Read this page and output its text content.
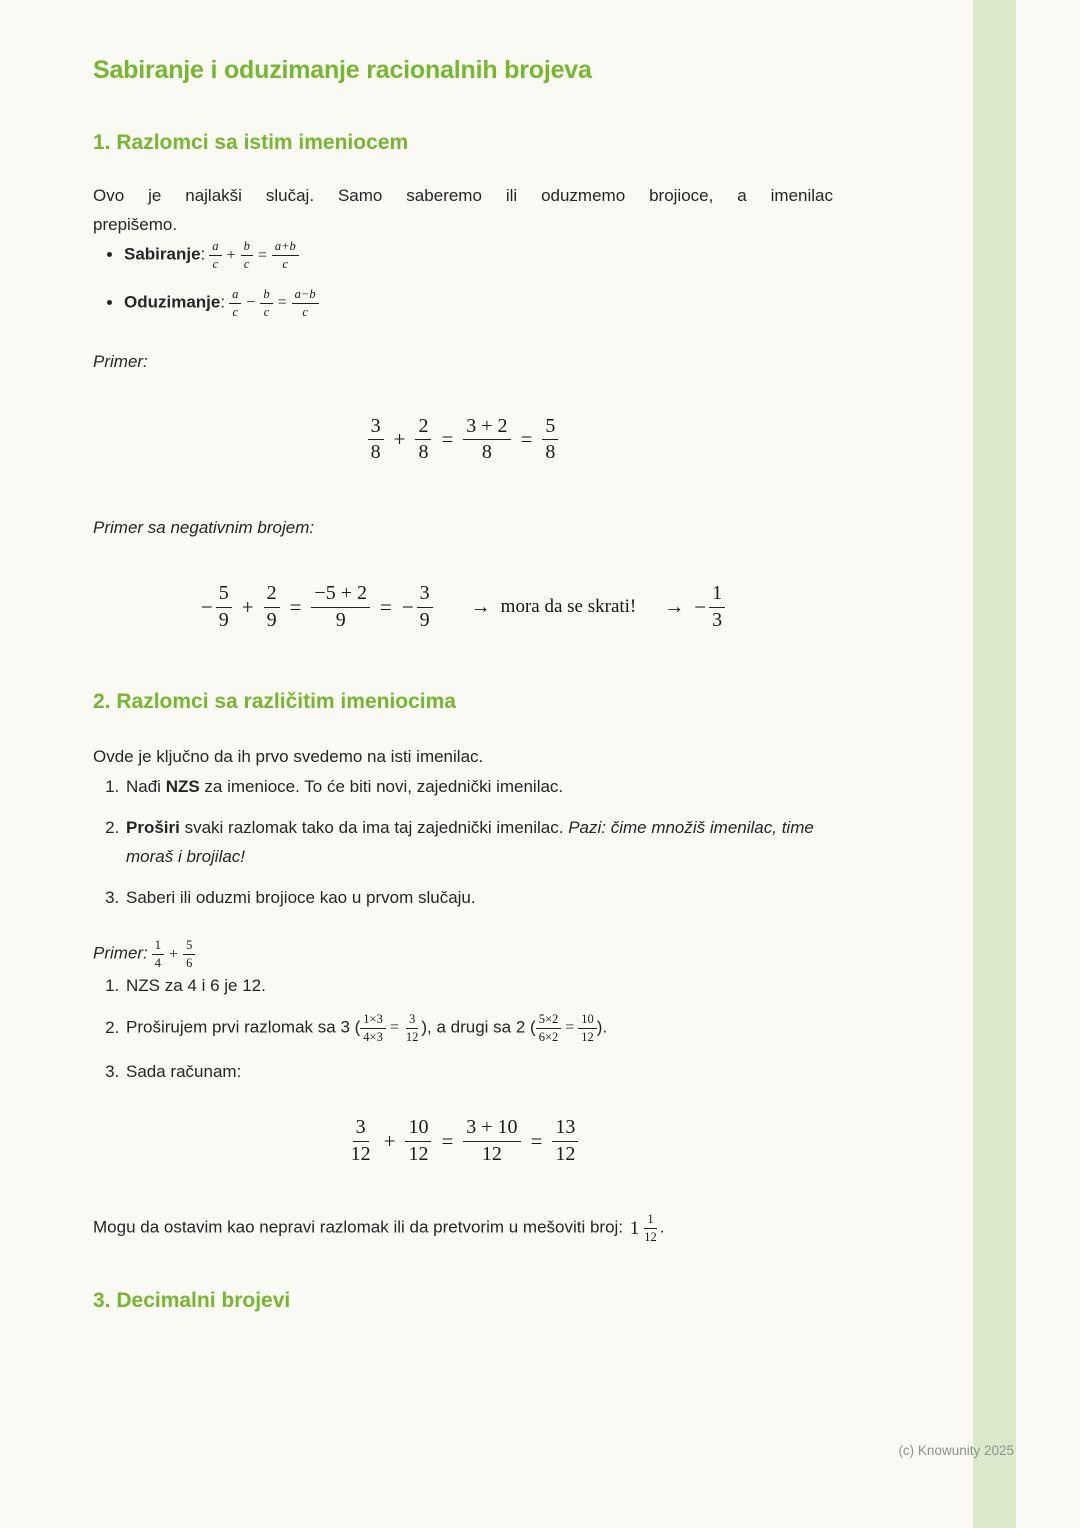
Sabiranje i oduzimanje racionalnih brojeva
1. Razlomci sa istim imeniocem

Ovo je najlakši slučaj. Samo saberemo ili oduzmemo brojioce, a imenilac
prepišemo.

• Sabiranje: $\frac{a}{c} + \frac{b}{c} = \frac{a+b}{c}$
• Oduzimanje: $\frac{a}{c} - \frac{b}{c} = \frac{a-b}{c}$

Primer:

$\frac{3}{8} + \frac{2}{8} = \frac{3 + 2}{8} = \frac{5}{8}$

Primer sa negativnim brojem:

− $\frac{5}{9} + \frac{2}{9} = \frac{-5 + 2}{9}$ = − $\frac{3}{9}$ → mora da se skrati! → − $\frac{1}{3}$
2. Razlomci sa različitim imeniocima

Ovde je ključno da ih prvo svedemo na isti imenilac.

1. Nađi NZS za imenioce. To će biti novi, zajednički imenilac.
2. Proširi svaki razlomak tako da ima taj zajednički imenilac. Pazi: čime množiš imenilac, time moraš i brojilac!
3. Saberi ili oduzmi brojioce kao u prvom slučaju.

Primer: $\frac{1}{4} + \frac{5}{6}$

1. NZS za 4 i 6 je 12.
2. Proširujem prvi razlomak sa 3 ( $\frac{1\times 3}{4\times 3} = \frac{3}{12}$ ), a drugi sa 2 ( $\frac{5\times 2}{6\times 2} = \frac{10}{12}$ ).
3. Sada računam:
$\frac{3}{12} + \frac{10}{12} = \frac{3 + 10}{12} = \frac{13}{12}$

Mogu da ostavim kao nepravi razlomak ili da pretvorim u mešoviti broj: $1 \frac{1}{12}$ .

3. Decimalni brojevi
(c) Knowunity 2025
